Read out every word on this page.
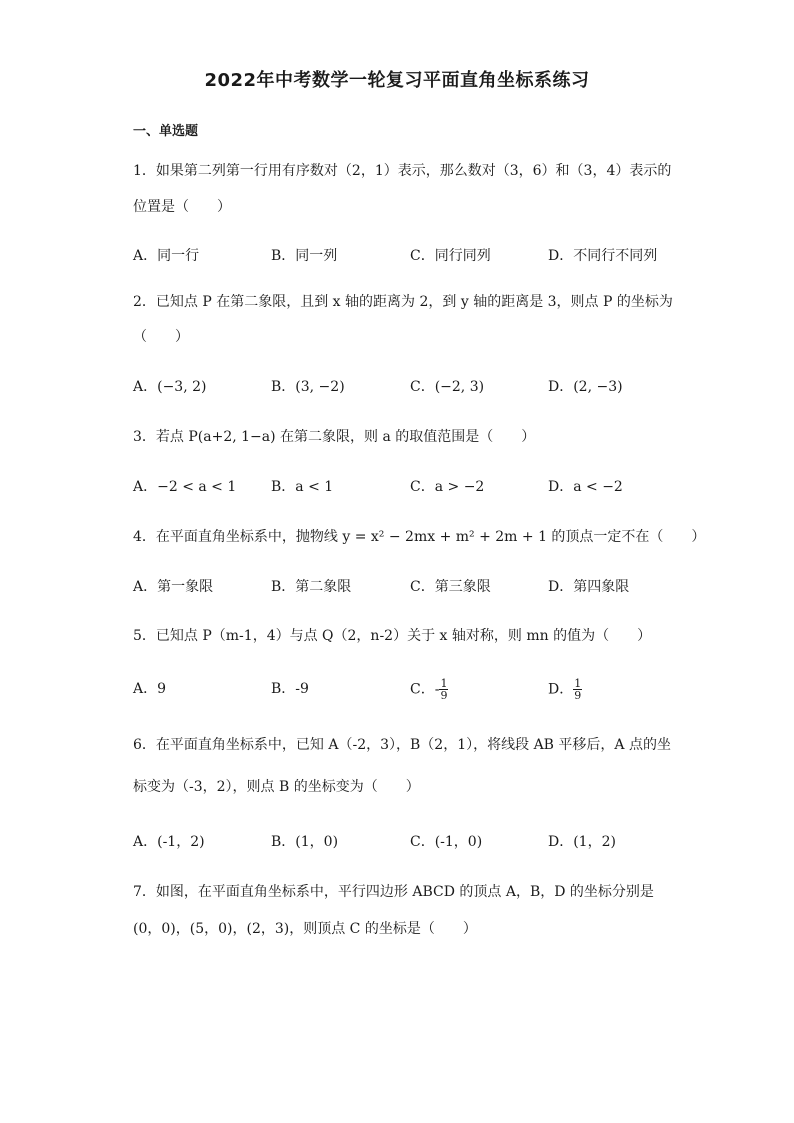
2022年中考数学一轮复习平面直角坐标系练习
一、单选题
1．如果第二列第一行用有序数对（2，1）表示，那么数对（3，6）和（3，4）表示的
位置是（　　）
A．同一行	B．同一列	C．同行同列	D．不同行不同列
2．已知点 P 在第二象限，且到 x 轴的距离为 2，到 y 轴的距离是 3，则点 P 的坐标为
（　　）
A．(−3, 2)	B．(3, −2)	C．(−2, 3)	D．(2, −3)
3．若点 P(a+2, 1−a) 在第二象限，则 a 的取值范围是（　　）
A．−2 < a < 1 B．a < 1	C．a > −2	D．a < −2
4．在平面直角坐标系中，抛物线 y = x² − 2mx + m² + 2m + 1 的顶点一定不在（　　）
A．第一象限	B．第二象限	C．第三象限	D．第四象限
5．已知点 P（m-1，4）与点 Q（2，n-2）关于 x 轴对称，则 mn 的值为（　　）
A．9	B．-9	C．- $\frac{1}{9}$	D． $\frac{1}{9}$
6．在平面直角坐标系中，已知 A（-2，3），B（2，1），将线段 AB 平移后，A 点的坐
标变为（-3，2），则点 B 的坐标变为（　　）
A．(-1，2)	B．(1，0)	C．(-1，0)	D．(1，2)
7．如图，在平面直角坐标系中，平行四边形 ABCD 的顶点 A，B，D 的坐标分别是
(0，0)，(5，0)，(2，3)，则顶点 C 的坐标是（　　）
